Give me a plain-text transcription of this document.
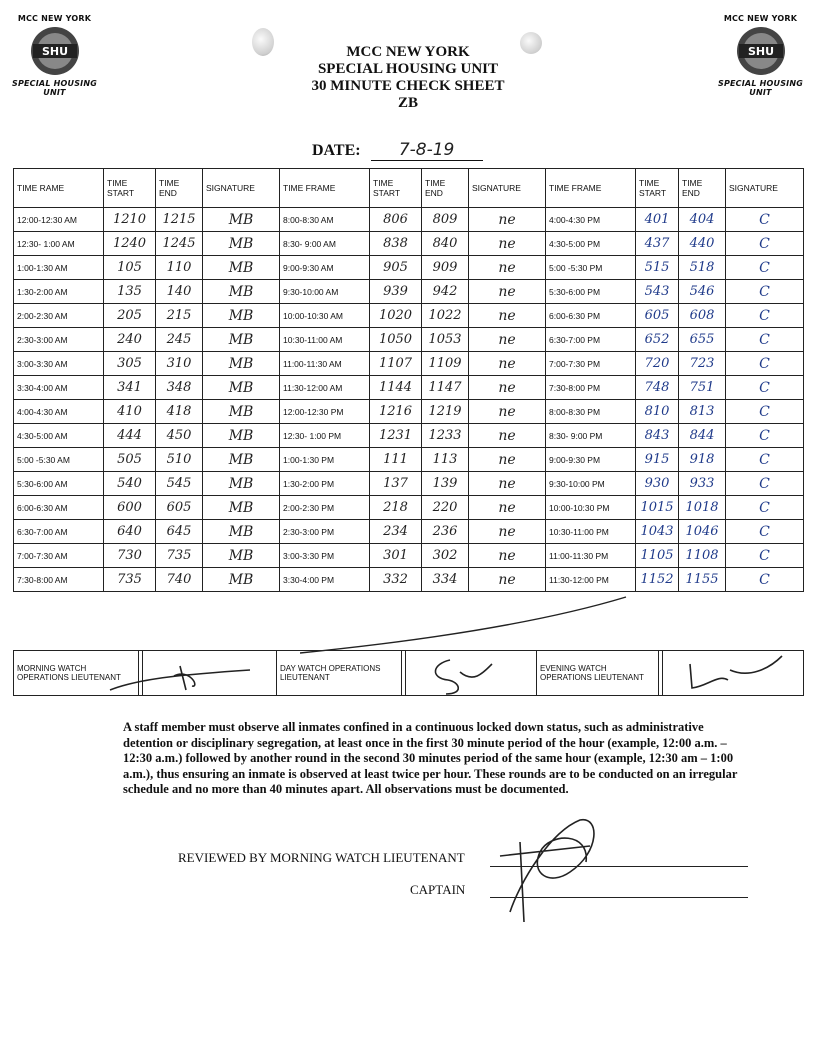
MCC NEW YORK
SHU
SPECIAL HOUSING UNIT
MCC NEW YORK
SHU
SPECIAL HOUSING UNIT
MCC NEW YORK
SPECIAL HOUSING UNIT
30 MINUTE CHECK SHEET
ZB
DATE: 7-8-19
TIME RAME	TIME START	TIME END	SIGNATURE	TIME FRAME	TIME START	TIME END	SIGNATURE	TIME FRAME	TIME START	TIME END	SIGNATURE
12:00-12:30 AM	1210	1215	MB	8:00-8:30 AM	806	809	ne	4:00-4:30 PM	401	404	C
12:30- 1:00 AM	1240	1245	MB	8:30- 9:00 AM	838	840	ne	4:30-5:00 PM	437	440	C
1:00-1:30 AM	105	110	MB	9:00-9:30 AM	905	909	ne	5:00 -5:30 PM	515	518	C
1:30-2:00 AM	135	140	MB	9:30-10:00 AM	939	942	ne	5:30-6:00 PM	543	546	C
2:00-2:30 AM	205	215	MB	10:00-10:30 AM	1020	1022	ne	6:00-6:30 PM	605	608	C
2:30-3:00 AM	240	245	MB	10:30-11:00 AM	1050	1053	ne	6:30-7:00 PM	652	655	C
3:00-3:30 AM	305	310	MB	11:00-11:30 AM	1107	1109	ne	7:00-7:30 PM	720	723	C
3:30-4:00 AM	341	348	MB	11:30-12:00 AM	1144	1147	ne	7:30-8:00 PM	748	751	C
4:00-4:30 AM	410	418	MB	12:00-12:30 PM	1216	1219	ne	8:00-8:30 PM	810	813	C
4:30-5:00 AM	444	450	MB	12:30- 1:00 PM	1231	1233	ne	8:30- 9:00 PM	843	844	C
5:00 -5:30 AM	505	510	MB	1:00-1:30 PM	111	113	ne	9:00-9:30 PM	915	918	C
5:30-6:00 AM	540	545	MB	1:30-2:00 PM	137	139	ne	9:30-10:00 PM	930	933	C
6:00-6:30 AM	600	605	MB	2:00-2:30 PM	218	220	ne	10:00-10:30 PM	1015	1018	C
6:30-7:00 AM	640	645	MB	2:30-3:00 PM	234	236	ne	10:30-11:00 PM	1043	1046	C
7:00-7:30 AM	730	735	MB	3:00-3:30 PM	301	302	ne	11:00-11:30 PM	1105	1108	C
7:30-8:00 AM	735	740	MB	3:30-4:00 PM	332	334	ne	11:30-12:00 PM	1152	1155	C
MORNING WATCH OPERATIONS LIEUTENANT			DAY WATCH OPERATIONS LIEUTENANT			EVENING WATCH OPERATIONS LIEUTENANT		
A staff member must observe all inmates confined in a continuous locked down status, such as administrative detention or disciplinary segregation, at least once in the first 30 minute period of the hour (example, 12:00 a.m. – 12:30 a.m.) followed by another round in the second 30 minutes period of the same hour (example, 12:30 am – 1:00 a.m.), thus ensuring an inmate is observed at least twice per hour. These rounds are to be conducted on an irregular schedule and no more than 40 minutes apart. All observations must be documented.
REVIEWED BY MORNING WATCH LIEUTENANT
CAPTAIN
